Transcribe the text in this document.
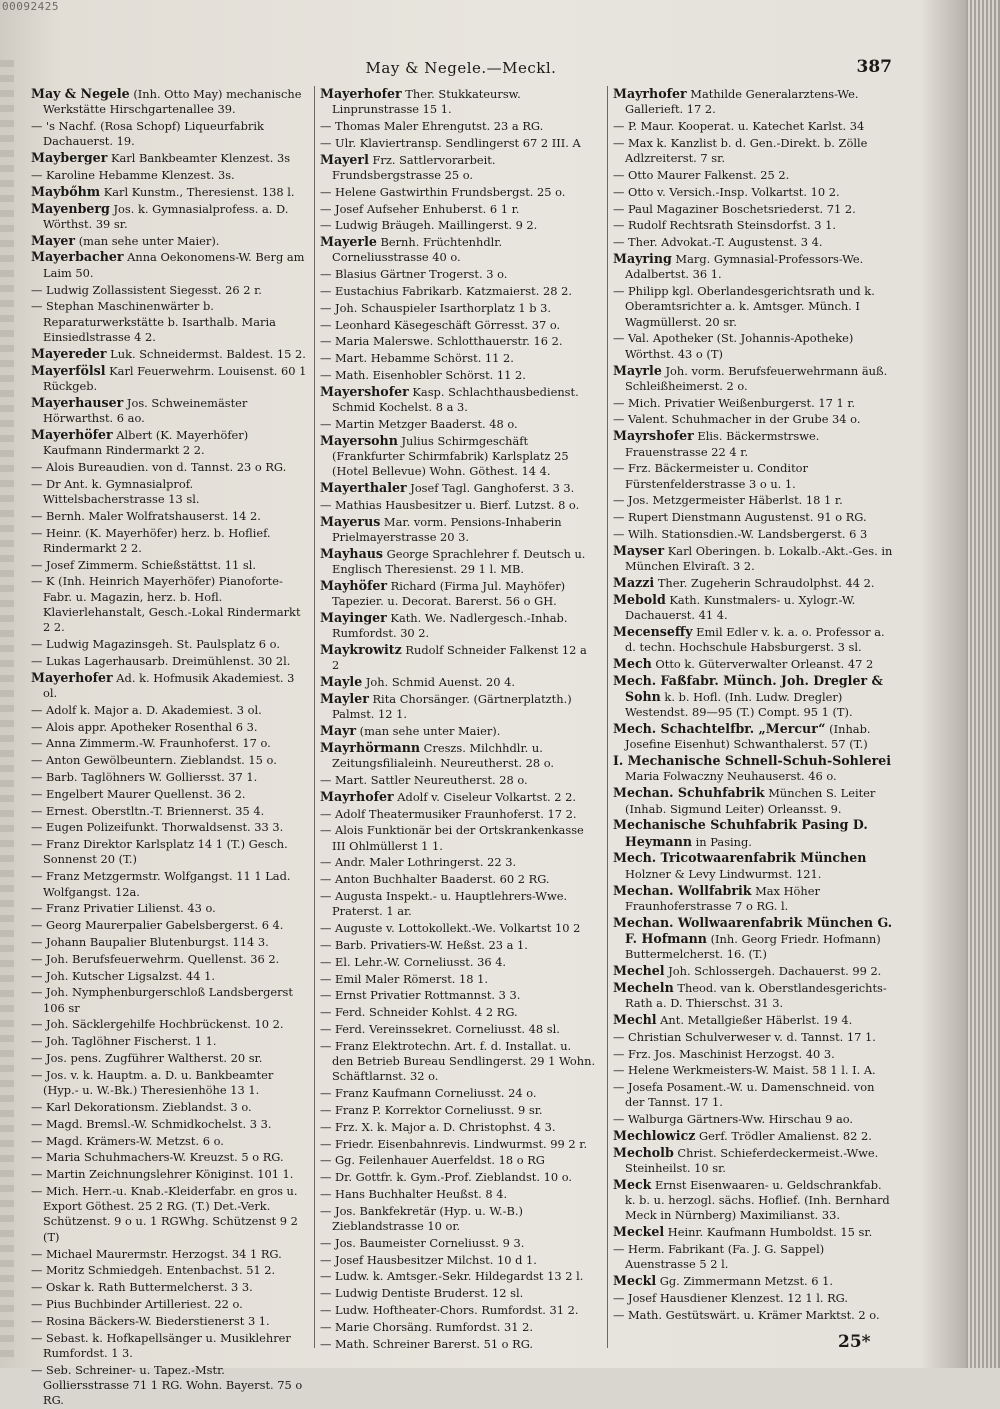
00092425
May & Negele.—Meckl.	387
May & Negele (Inh. Otto May) mechanische Werkstätte Hirschgartenallee 39.
— 's Nachf. (Rosa Schopf) Liqueurfabrik Dachauerst. 19.
Mayberger Karl Bankbeamter Klenzest. 3s
— Karoline Hebamme Klenzest. 3s.
Maybőhm Karl Kunstm., Theresienst. 138 l.
Mayenberg Jos. k. Gymnasialprofess. a. D. Wörthst. 39 sr.
Mayer (man sehe unter Maier).
Mayerbacher Anna Oekonomens-W. Berg am Laim 50.
— Ludwig Zollassistent Siegesst. 26 2 r.
— Stephan Maschinenwärter b. Reparaturwerkstätte b. Isarthalb. Maria Einsiedlstrasse 4 2.
Mayereder Luk. Schneidermst. Baldest. 15 2.
Mayerfölsl Karl Feuerwehrm. Louisenst. 60 1 Rückgeb.
Mayerhauser Jos. Schweinemäster Hörwarthst. 6 ao.
Mayerhöfer Albert (K. Mayerhöfer) Kaufmann Rindermarkt 2 2.
— Alois Bureaudien. von d. Tannst. 23 o RG.
— Dr Ant. k. Gymnasialprof. Wittelsbacherstrasse 13 sl.
— Bernh. Maler Wolfratshauserst. 14 2.
— Heinr. (K. Mayerhöfer) herz. b. Hoflief. Rindermarkt 2 2.
— Josef Zimmerm. Schießstättst. 11 sl.
— K (Inh. Heinrich Mayerhöfer) Pianoforte-Fabr. u. Magazin, herz. b. Hofl. Klavierlehanstalt, Gesch.-Lokal Rindermarkt 2 2.
— Ludwig Magazinsgeh. St. Paulsplatz 6 o.
— Lukas Lagerhausarb. Dreimühlenst. 30 2l.
Mayerhofer Ad. k. Hofmusik Akademiest. 3 ol.
— Adolf k. Major a. D. Akademiest. 3 ol.
— Alois appr. Apotheker Rosenthal 6 3.
— Anna Zimmerm.-W. Fraunhoferst. 17 o.
— Anton Gewölbeuntern. Zieblandst. 15 o.
— Barb. Taglöhners W. Golliersst. 37 1.
— Engelbert Maurer Quellenst. 36 2.
— Ernest. Oberstltn.-T. Briennerst. 35 4.
— Eugen Polizeifunkt. Thorwaldsenst. 33 3.
— Franz Direktor Karlsplatz 14 1 (T.) Gesch. Sonnenst 20 (T.)
— Franz Metzgermstr. Wolfgangst. 11 1 Lad. Wolfgangst. 12a.
— Franz Privatier Lilienst. 43 o.
— Georg Maurerpalier Gabelsbergerst. 6 4.
— Johann Baupalier Blutenburgst. 114 3.
— Joh. Berufsfeuerwehrm. Quellenst. 36 2.
— Joh. Kutscher Ligsalzst. 44 1.
— Joh. Nymphenburgerschloß Landsbergerst 106 sr
— Joh. Säcklergehilfe Hochbrückenst. 10 2.
— Joh. Taglöhner Fischerst. 1 1.
— Jos. pens. Zugführer Waltherst. 20 sr.
— Jos. v. k. Hauptm. a. D. u. Bankbeamter (Hyp.- u. W.-Bk.) Theresienhöhe 13 1.
— Karl Dekorationsm. Zieblandst. 3 o.
— Magd. Bremsl.-W. Schmidkochelst. 3 3.
— Magd. Krämers-W. Metzst. 6 o.
— Maria Schuhmachers-W. Kreuzst. 5 o RG.
— Martin Zeichnungslehrer Königinst. 101 1.
— Mich. Herr.-u. Knab.-Kleiderfabr. en gros u. Export Göthest. 25 2 RG. (T.) Det.-Verk. Schützenst. 9 o u. 1 RGWhg. Schützenst 9 2 (T)
— Michael Maurermstr. Herzogst. 34 1 RG.
— Moritz Schmiedgeh. Entenbachst. 51 2.
— Oskar k. Rath Buttermelcherst. 3 3.
— Pius Buchbinder Artilleriest. 22 o.
— Rosina Bäckers-W. Biederstienerst 3 1.
— Sebast. k. Hofkapellsänger u. Musiklehrer Rumfordst. 1 3.
— Seb. Schreiner- u. Tapez.-Mstr. Golliersstrasse 71 1 RG. Wohn. Bayerst. 75 o RG.
Mayerhofer Ther. Stukkateursw. Linprunstrasse 15 1.
— Thomas Maler Ehrengutst. 23 a RG.
— Ulr. Klaviertransp. Sendlingerst 67 2 III. A
Mayerl Frz. Sattlervorarbeit. Frundsbergstrasse 25 o.
— Helene Gastwirthin Frundsbergst. 25 o.
— Josef Aufseher Enhuberst. 6 1 r.
— Ludwig Bräugeh. Maillingerst. 9 2.
Mayerle Bernh. Früchtenhdlr. Corneliusstrasse 40 o.
— Blasius Gärtner Trogerst. 3 o.
— Eustachius Fabrikarb. Katzmaierst. 28 2.
— Joh. Schauspieler Isarthorplatz 1 b 3.
— Leonhard Käsegeschäft Görresst. 37 o.
— Maria Malerswe. Schlotthauerstr. 16 2.
— Mart. Hebamme Schörst. 11 2.
— Math. Eisenhobler Schörst. 11 2.
Mayershofer Kasp. Schlachthausbedienst. Schmid Kochelst. 8 a 3.
— Martin Metzger Baaderst. 48 o.
Mayersohn Julius Schirmgeschäft (Frankfurter Schirmfabrik) Karlsplatz 25 (Hotel Bellevue) Wohn. Göthest. 14 4.
Mayerthaler Josef Tagl. Ganghoferst. 3 3.
— Mathias Hausbesitzer u. Bierf. Lutzst. 8 o.
Mayerus Mar. vorm. Pensions-Inhaberin Prielmayerstrasse 20 3.
Mayhaus George Sprachlehrer f. Deutsch u. Englisch Theresienst. 29 1 l. MB.
Mayhöfer Richard (Firma Jul. Mayhöfer) Tapezier. u. Decorat. Barerst. 56 o GH.
Mayinger Kath. We. Nadlergesch.-Inhab. Rumfordst. 30 2.
Maykrowitz Rudolf Schneider Falkenst 12 a 2
Mayle Joh. Schmid Auenst. 20 4.
Mayler Rita Chorsänger. (Gärtnerplatzth.) Palmst. 12 1.
Mayr (man sehe unter Maier).
Mayrhörmann Creszs. Milchhdlr. u. Zeitungsfilialeinh. Neureutherst. 28 o.
— Mart. Sattler Neureutherst. 28 o.
Mayrhofer Adolf v. Ciseleur Volkartst. 2 2.
— Adolf Theatermusiker Fraunhoferst. 17 2.
— Alois Funktionär bei der Ortskrankenkasse III Ohlmüllerst 1 1.
— Andr. Maler Lothringerst. 22 3.
— Anton Buchhalter Baaderst. 60 2 RG.
— Augusta Inspekt.- u. Hauptlehrers-Wwe. Praterst. 1 ar.
— Auguste v. Lottokollekt.-We. Volkartst 10 2
— Barb. Privatiers-W. Heßst. 23 a 1.
— El. Lehr.-W. Corneliusst. 36 4.
— Emil Maler Römerst. 18 1.
— Ernst Privatier Rottmannst. 3 3.
— Ferd. Schneider Kohlst. 4 2 RG.
— Ferd. Vereinssekret. Corneliusst. 48 sl.
— Franz Elektrotechn. Art. f. d. Installat. u. den Betrieb Bureau Sendlingerst. 29 1 Wohn. Schäftlarnst. 32 o.
— Franz Kaufmann Corneliusst. 24 o.
— Franz P. Korrektor Corneliusst. 9 sr.
— Frz. X. k. Major a. D. Christophst. 4 3.
— Friedr. Eisenbahnrevis. Lindwurmst. 99 2 r.
— Gg. Feilenhauer Auerfeldst. 18 o RG
— Dr. Gottfr. k. Gym.-Prof. Zieblandst. 10 o.
— Hans Buchhalter Heußst. 8 4.
— Jos. Bankfekretär (Hyp. u. W.-B.) Zieblandstrasse 10 or.
— Jos. Baumeister Corneliusst. 9 3.
— Josef Hausbesitzer Milchst. 10 d 1.
— Ludw. k. Amtsger.-Sekr. Hildegardst 13 2 l.
— Ludwig Dentiste Bruderst. 12 sl.
— Ludw. Hoftheater-Chors. Rumfordst. 31 2.
— Marie Chorsäng. Rumfordst. 31 2.
— Math. Schreiner Barerst. 51 o RG.
Mayrhofer Mathilde Generalarztens-We. Gallerieft. 17 2.
— P. Maur. Kooperat. u. Katechet Karlst. 34
— Max k. Kanzlist b. d. Gen.-Direkt. b. Zölle Adlzreiterst. 7 sr.
— Otto Maurer Falkenst. 25 2.
— Otto v. Versich.-Insp. Volkartst. 10 2.
— Paul Magaziner Boschetsriederst. 71 2.
— Rudolf Rechtsrath Steinsdorfst. 3 1.
— Ther. Advokat.-T. Augustenst. 3 4.
Mayring Marg. Gymnasial-Professors-We. Adalbertst. 36 1.
— Philipp kgl. Oberlandesgerichtsrath und k. Oberamtsrichter a. k. Amtsger. Münch. I Wagmüllerst. 20 sr.
— Val. Apotheker (St. Johannis-Apotheke) Wörthst. 43 o (T)
Mayrle Joh. vorm. Berufsfeuerwehrmann äuß. Schleißheimerst. 2 o.
— Mich. Privatier Weißenburgerst. 17 1 r.
— Valent. Schuhmacher in der Grube 34 o.
Mayrshofer Elis. Bäckermstrswe. Frauenstrasse 22 4 r.
— Frz. Bäckermeister u. Conditor Fürstenfelderstrasse 3 o u. 1.
— Jos. Metzgermeister Häberlst. 18 1 r.
— Rupert Dienstmann Augustenst. 91 o RG.
— Wilh. Stationsdien.-W. Landsbergerst. 6 3
Mayser Karl Oberingen. b. Lokalb.-Akt.-Ges. in München Elviraſt. 3 2.
Mazzi Ther. Zugeherin Schraudolphst. 44 2.
Mebold Kath. Kunstmalers- u. Xylogr.-W. Dachauerst. 41 4.
Mecenseffy Emil Edler v. k. a. o. Professor a. d. techn. Hochschule Habsburgerst. 3 sl.
Mech Otto k. Güterverwalter Orleanst. 47 2
Mech. Faßfabr. Münch. Joh. Dregler & Sohn k. b. Hofl. (Inh. Ludw. Dregler) Westendst. 89—95 (T.) Compt. 95 1 (T).
Mech. Schachtelfbr. „Mercur“ (Inhab. Josefine Eisenhut) Schwanthalerst. 57 (T.)
I. Mechanische Schnell-Schuh-Sohlerei Maria Folwaczny Neuhauserst. 46 o.
Mechan. Schuhfabrik München S. Leiter (Inhab. Sigmund Leiter) Orleansst. 9.
Mechanische Schuhfabrik Pasing D. Heymann in Pasing.
Mech. Tricotwaarenfabrik München Holzner & Levy Lindwurmst. 121.
Mechan. Wollfabrik Max Höher Fraunhoferstrasse 7 o RG. l.
Mechan. Wollwaarenfabrik München G. F. Hofmann (Inh. Georg Friedr. Hofmann) Buttermelcherst. 16. (T.)
Mechel Joh. Schlossergeh. Dachauerst. 99 2.
Mecheln Theod. van k. Oberstlandesgerichts-Rath a. D. Thierschst. 31 3.
Mechl Ant. Metallgießer Häberlst. 19 4.
— Christian Schulverweser v. d. Tannst. 17 1.
— Frz. Jos. Maschinist Herzogst. 40 3.
— Helene Werkmeisters-W. Maist. 58 1 l. I. A.
— Josefa Posament.-W. u. Damenschneid. von der Tannst. 17 1.
— Walburga Gärtners-Ww. Hirschau 9 ao.
Mechlowicz Gerf. Trödler Amalienst. 82 2.
Mecholb Christ. Schieferdeckermeist.-Wwe. Steinheilst. 10 sr.
Meck Ernst Eisenwaaren- u. Geldschrankfab. k. b. u. herzogl. sächs. Hoflief. (Inh. Bernhard Meck in Nürnberg) Maximilianst. 33.
Meckel Heinr. Kaufmann Humboldst. 15 sr.
— Herm. Fabrikant (Fa. J. G. Sappel) Auenstrasse 5 2 l.
Meckl Gg. Zimmermann Metzst. 6 1.
— Josef Hausdiener Klenzest. 12 1 l. RG.
— Math. Gestütswärt. u. Krämer Marktst. 2 o.
25*
